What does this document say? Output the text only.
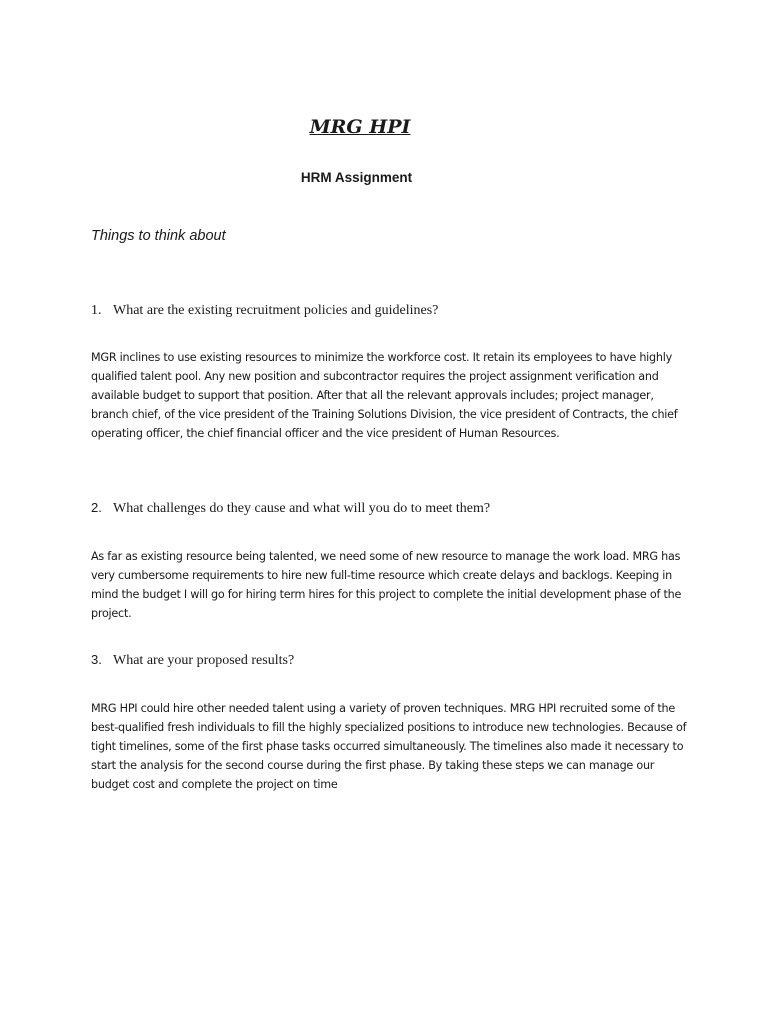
MRG HPI
HRM Assignment

Things to think about

1. What are the existing recruitment policies and guidelines?

MGR inclines to use existing resources to minimize the workforce cost. It retain its employees to have highly qualified talent pool. Any new position and subcontractor requires the project assignment verification and available budget to support that position. After that all the relevant approvals includes; project manager, branch chief, of the vice president of the Training Solutions Division, the vice president of Contracts, the chief operating officer, the chief financial officer and the vice president of Human Resources.

2. What challenges do they cause and what will you do to meet them?

As far as existing resource being talented, we need some of new resource to manage the work load. MRG has very cumbersome requirements to hire new full-time resource which create delays and backlogs. Keeping in mind the budget I will go for hiring term hires for this project to complete the initial development phase of the project.

3. What are your proposed results?

MRG HPI could hire other needed talent using a variety of proven techniques. MRG HPI recruited some of the best-qualified fresh individuals to fill the highly specialized positions to introduce new technologies. Because of tight timelines, some of the first phase tasks occurred simultaneously. The timelines also made it necessary to start the analysis for the second course during the first phase. By taking these steps we can manage our budget cost and complete the project on time
